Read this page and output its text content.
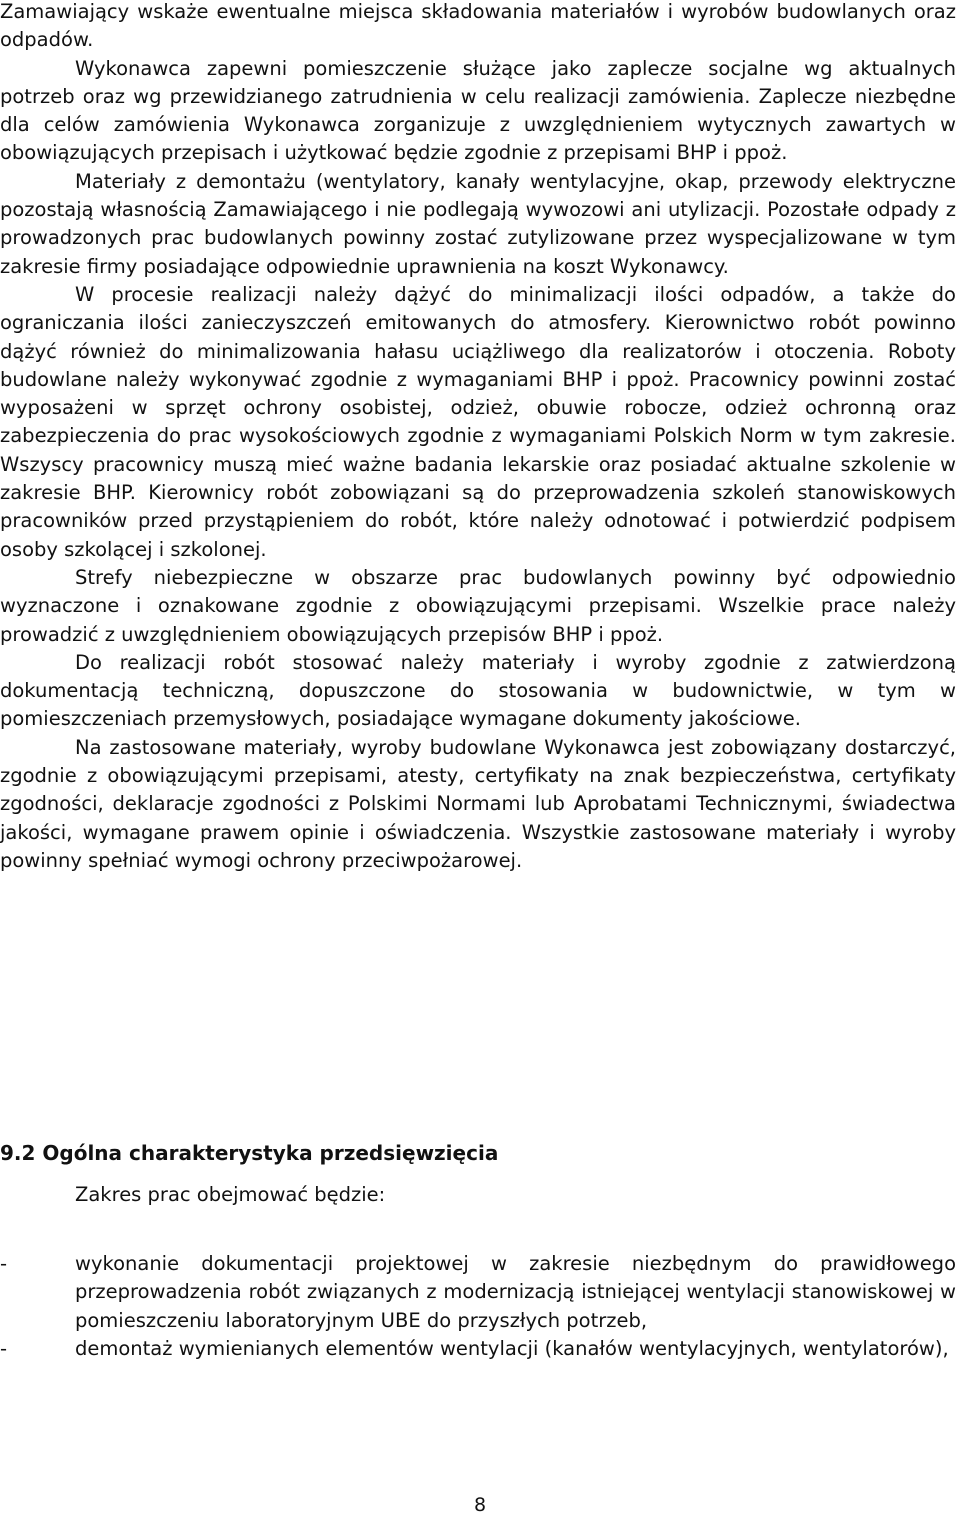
Zamawiający wskaże ewentualne miejsca składowania materiałów i wyrobów budowlanych oraz odpadów.

Wykonawca zapewni pomieszczenie służące jako zaplecze socjalne wg aktualnych potrzeb oraz wg przewidzianego zatrudnienia w celu realizacji zamówienia. Zaplecze niezbędne dla celów zamówienia Wykonawca zorganizuje z uwzględnieniem wytycznych zawartych w obowiązujących przepisach i użytkować będzie zgodnie z przepisami BHP i ppoż.

Materiały z demontażu (wentylatory, kanały wentylacyjne, okap, przewody elektryczne pozostają własnością Zamawiającego i nie podlegają wywozowi ani utylizacji. Pozostałe odpady z prowadzonych prac budowlanych powinny zostać zutylizowane przez wyspecjalizowane w tym zakresie firmy posiadające odpowiednie uprawnienia na koszt Wykonawcy.

W procesie realizacji należy dążyć do minimalizacji ilości odpadów, a także do ograniczania ilości zanieczyszczeń emitowanych do atmosfery. Kierownictwo robót powinno dążyć również do minimalizowania hałasu uciążliwego dla realizatorów i otoczenia. Roboty budowlane należy wykonywać zgodnie z wymaganiami BHP i ppoż. Pracownicy powinni zostać wyposażeni w sprzęt ochrony osobistej, odzież, obuwie robocze, odzież ochronną oraz zabezpieczenia do prac wysokościowych zgodnie z wymaganiami Polskich Norm w tym zakresie. Wszyscy pracownicy muszą mieć ważne badania lekarskie oraz posiadać aktualne szkolenie w zakresie BHP. Kierownicy robót zobowiązani są do przeprowadzenia szkoleń stanowiskowych pracowników przed przystąpieniem do robót, które należy odnotować i potwierdzić podpisem osoby szkolącej i szkolonej.

Strefy niebezpieczne w obszarze prac budowlanych powinny być odpowiednio wyznaczone i oznakowane zgodnie z obowiązującymi przepisami. Wszelkie prace należy prowadzić z uwzględnieniem obowiązujących przepisów BHP i ppoż.

Do realizacji robót stosować należy materiały i wyroby zgodnie z zatwierdzoną dokumentacją techniczną, dopuszczone do stosowania w budownictwie, w tym w pomieszczeniach przemysłowych, posiadające wymagane dokumenty jakościowe.

Na zastosowane materiały, wyroby budowlane Wykonawca jest zobowiązany dostarczyć, zgodnie z obowiązującymi przepisami, atesty, certyfikaty na znak bezpieczeństwa, certyfikaty zgodności, deklaracje zgodności z Polskimi Normami lub Aprobatami Technicznymi, świadectwa jakości, wymagane prawem opinie i oświadczenia. Wszystkie zastosowane materiały i wyroby powinny spełniać wymogi ochrony przeciwpożarowej.

9.2 Ogólna charakterystyka przedsięwzięcia

Zakres prac obejmować będzie:

-	wykonanie dokumentacji projektowej w zakresie niezbędnym do prawidłowego przeprowadzenia robót związanych z modernizacją istniejącej wentylacji stanowiskowej w pomieszczeniu laboratoryjnym UBE do przyszłych potrzeb,
-	demontaż wymienianych elementów wentylacji (kanałów wentylacyjnych, wentylatorów),

8
